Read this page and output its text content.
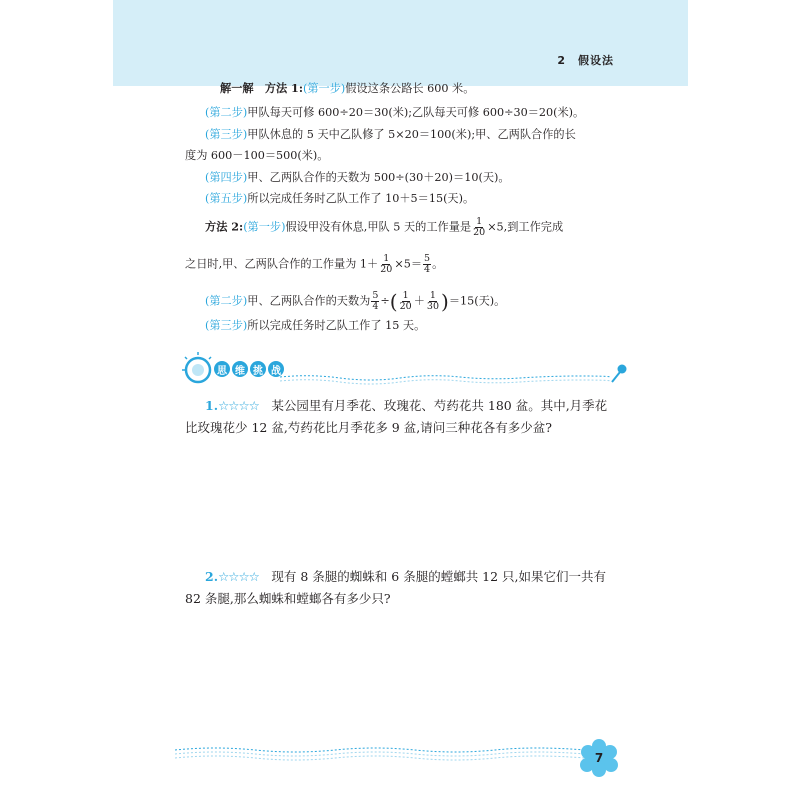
2　假设法
解一解　 方法 1:(第一步)假设这条公路长 600 米。
(第二步)甲队每天可修 600÷20＝30(米);乙队每天可修 600÷30＝20(米)。
(第三步)甲队休息的 5 天中乙队修了 5×20＝100(米);甲、乙两队合作的长
度为 600－100＝500(米)。
(第四步)甲、乙两队合作的天数为 500÷(30＋20)＝10(天)。
(第五步)所以完成任务时乙队工作了 10＋5＝15(天)。
方法 2:(第一步)假设甲没有休息,甲队 5 天的工作量是 $\frac{1}{20} \times 5$,到工作完成
之日时,甲、乙两队合作的工作量为 $1+ \frac{1}{20} \times 5= \frac{5}{4}$ 。
(第二步)甲、乙两队合作的天数为 $\frac{5}{4}$ ÷( $\frac{1}{20} + \frac{1}{30} )=15$(天)。
(第三步)所以完成任务时乙队工作了 15 天。
思 维 挑 战
1.☆☆☆☆　 某公园里有月季花、玫瑰花、芍药花共 180 盆。其中,月季花
比玫瑰花少 12 盆,芍药花比月季花多 9 盆,请问三种花各有多少盆?
2.☆☆☆☆　 现有 8 条腿的蜘蛛和 6 条腿的螳螂共 12 只,如果它们一共有
82 条腿,那么蜘蛛和螳螂各有多少只?
7
